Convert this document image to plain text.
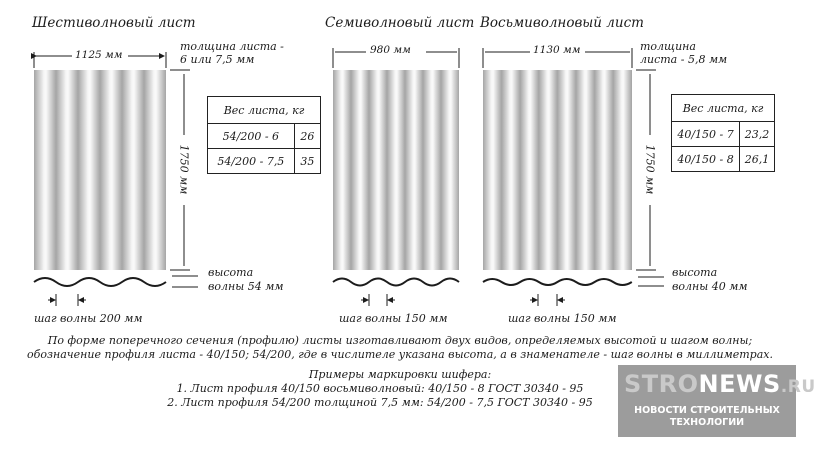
Шестиволновый лист	Семиволновый лист Восьмиволновый лист
1125 мм	980 мм	1130 мм
толщина листа -
6 или 7,5 мм
толщина
листа - 5,8 мм
1750 мм	1750 мм
Вес листа, кг	
54/200 - 6	26
54/200 - 7,5	35
Вес листа, кг	
40/150 - 7	23,2
40/150 - 8	26,1
высота
волны 54 мм
высота
волны 40 мм
шаг волны 200 мм	шаг волны 150 мм	шаг волны 150 мм
По форме поперечного сечения (профилю) листы изготавливают двух видов, определяемых высотой и шагом волны;
обозначение профиля листа - 40/150; 54/200, где в числителе указана высота, а в знаменателе - шаг волны в миллиметрах.
Примеры маркировки шифера:
1. Лист профиля 40/150 восьмиволновый: 40/150 - 8 ГОСТ 30340 - 95
2. Лист профиля 54/200 толщиной 7,5 мм: 54/200 - 7,5 ГОСТ 30340 - 95
STRONEWS.RU
НОВОСТИ СТРОИТЕЛЬНЫХ
ТЕХНОЛОГИИ
